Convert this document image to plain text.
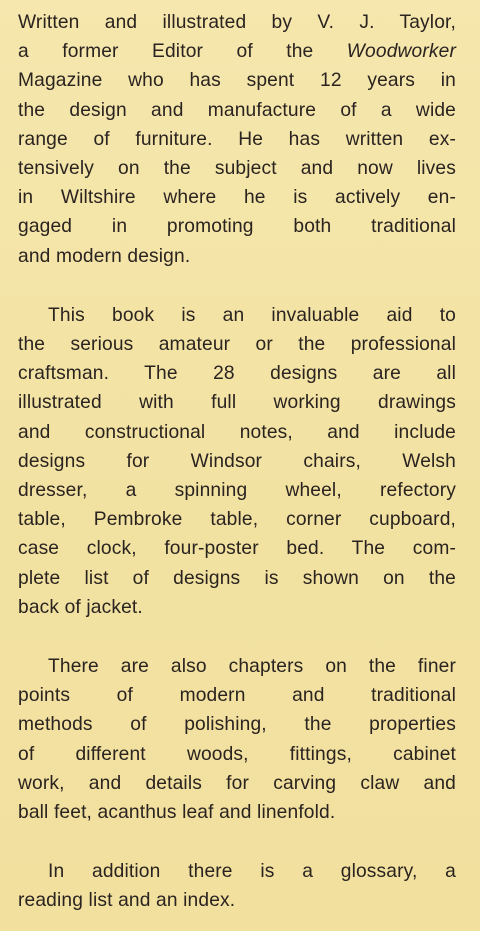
Written and illustrated by V. J. Taylor,
a former Editor of the Woodworker
Magazine who has spent 12 years in
the design and manufacture of a wide
range of furniture. He has written ex-
tensively on the subject and now lives
in Wiltshire where he is actively en-
gaged in promoting both traditional
and modern design.

This book is an invaluable aid to
the serious amateur or the professional
craftsman. The 28 designs are all
illustrated with full working drawings
and constructional notes, and include
designs for Windsor chairs, Welsh
dresser, a spinning wheel, refectory
table, Pembroke table, corner cupboard,
case clock, four-poster bed. The com-
plete list of designs is shown on the
back of jacket.

There are also chapters on the finer
points of modern and traditional
methods of polishing, the properties
of different woods, fittings, cabinet
work, and details for carving claw and
ball feet, acanthus leaf and linenfold.

In addition there is a glossary, a
reading list and an index.
